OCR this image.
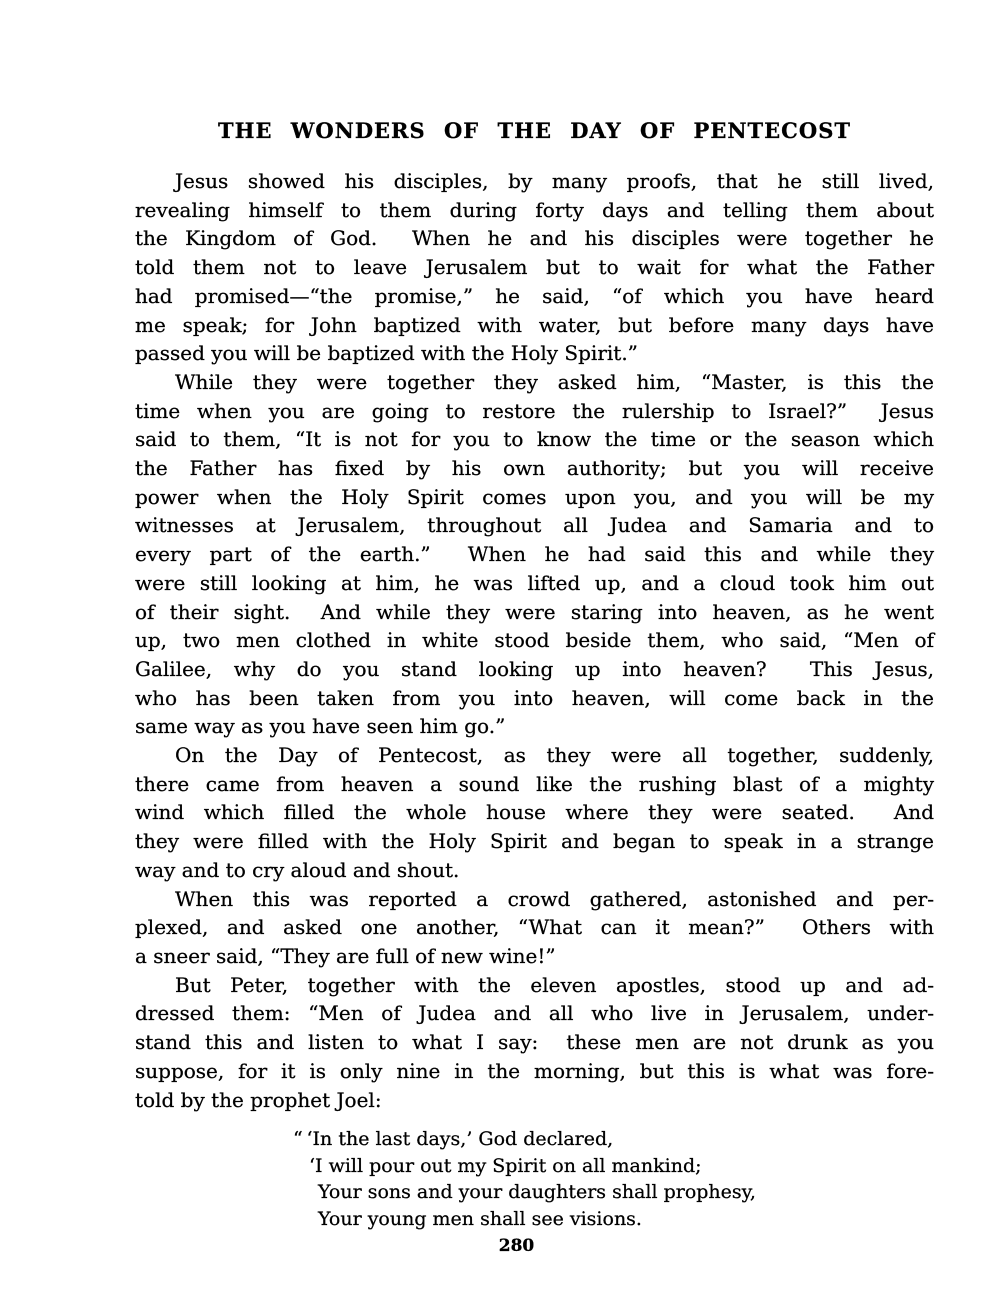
THE WONDERS OF THE DAY OF PENTECOST
Jesus showed his disciples, by many proofs, that he still lived,
revealing himself to them during forty days and telling them about
the Kingdom of God.  When he and his disciples were together he
told them not to leave Jerusalem but to wait for what the Father
had promised—“the promise,” he said, “of which you have heard
me speak; for John baptized with water, but before many days have
passed you will be baptized with the Holy Spirit.”
While they were together they asked him, “Master, is this the
time when you are going to restore the rulership to Israel?”  Jesus
said to them, “It is not for you to know the time or the season which
the Father has fixed by his own authority; but you will receive
power when the Holy Spirit comes upon you, and you will be my
witnesses at Jerusalem, throughout all Judea and Samaria and to
every part of the earth.”  When he had said this and while they
were still looking at him, he was lifted up, and a cloud took him out
of their sight.  And while they were staring into heaven, as he went
up, two men clothed in white stood beside them, who said, “Men of
Galilee, why do you stand looking up into heaven?  This Jesus,
who has been taken from you into heaven, will come back in the
same way as you have seen him go.”
On the Day of Pentecost, as they were all together, suddenly,
there came from heaven a sound like the rushing blast of a mighty
wind which filled the whole house where they were seated.  And
they were filled with the Holy Spirit and began to speak in a strange
way and to cry aloud and shout.
When this was reported a crowd gathered, astonished and per-
plexed, and asked one another, “What can it mean?”  Others with
a sneer said, “They are full of new wine!”
But Peter, together with the eleven apostles, stood up and ad-
dressed them: “Men of Judea and all who live in Jerusalem, under-
stand this and listen to what I say:  these men are not drunk as you
suppose, for it is only nine in the morning, but this is what was fore-
told by the prophet Joel:
“ ‘In the last days,’ God declared,
‘I will pour out my Spirit on all mankind;
Your sons and your daughters shall prophesy,
Your young men shall see visions.
280
